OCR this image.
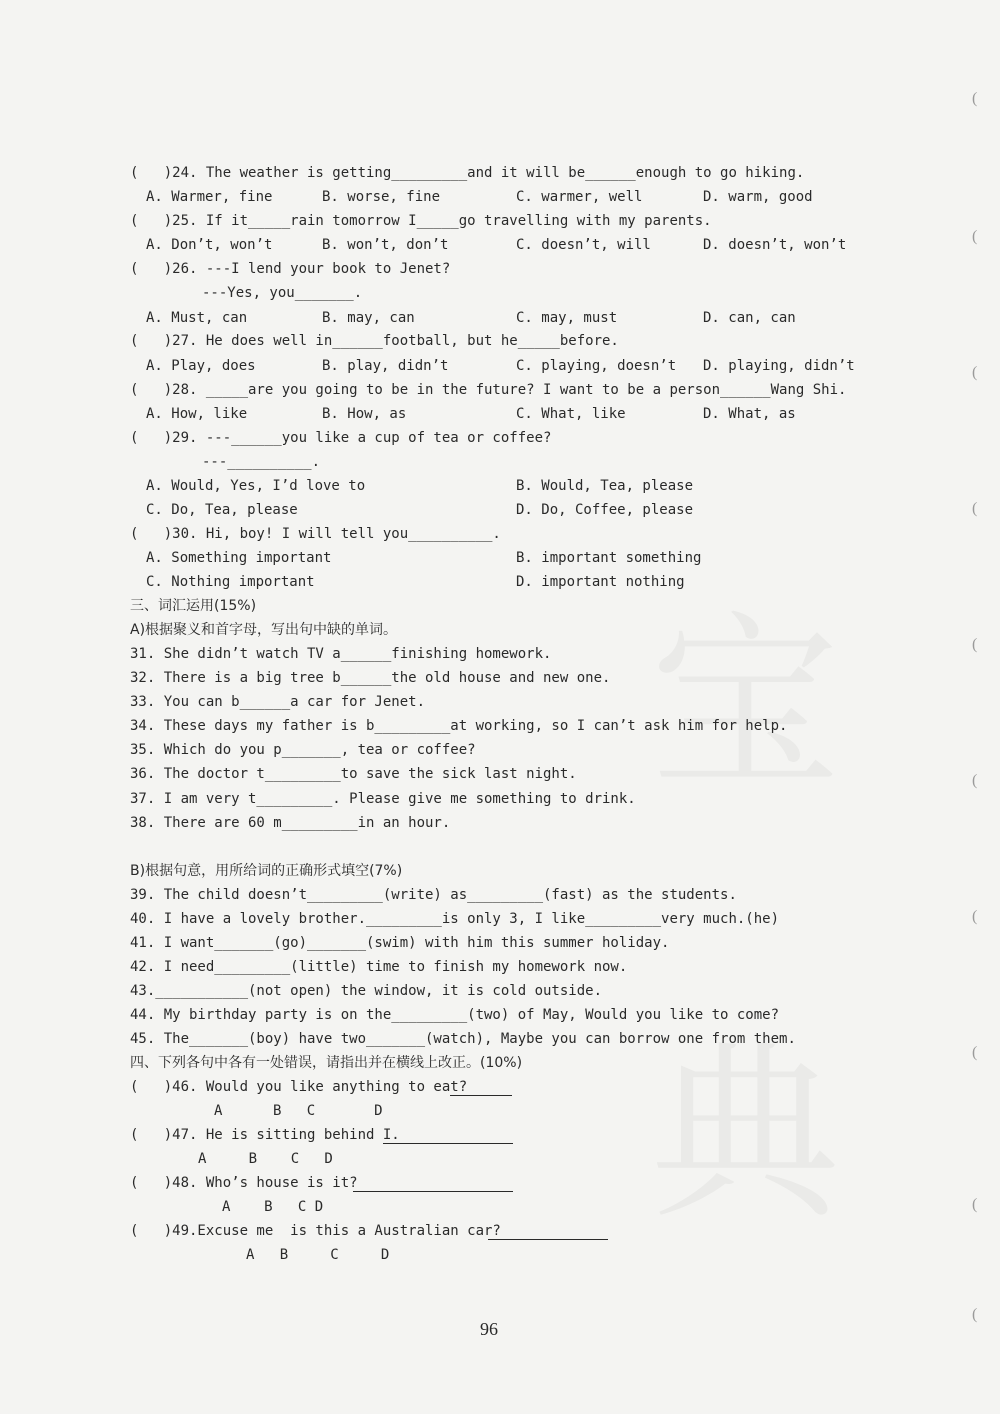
宝
典
(   )24. The weather is getting_________and it will be______enough to go hiking.
A. Warmer, fine	B. worse, fine	C. warmer, well	D. warm, good
(   )25. If it_____rain tomorrow I_____go travelling with my parents.
A. Don’t, won’t	B. won’t, don’t	C. doesn’t, will	D. doesn’t, won’t
(   )26. ---I lend your book to Jenet?
---Yes, you_______.
A. Must, can	B. may, can	C. may, must	D. can, can
(   )27. He does well in______football, but he_____before.
A. Play, does	B. play, didn’t	C. playing, doesn’t D. playing, didn’t
(   )28. _____are you going to be in the future? I want to be a person______Wang Shi.
A. How, like	B. How, as	C. What, like	D. What, as
(   )29. ---______you like a cup of tea or coffee?
---__________.
A. Would, Yes, I’d love to	B. Would, Tea, please
C. Do, Tea, please	D. Do, Coffee, please
(   )30. Hi, boy! I will tell you__________.
A. Something important	B. important something
C. Nothing important	D. important nothing
三、词汇运用(15%)
A)根据聚义和首字母，写出句中缺的单词。
31. She didn’t watch TV a______finishing homework.
32. There is a big tree b______the old house and new one.
33. You can b______a car for Jenet.
34. These days my father is b_________at working, so I can’t ask him for help.
35. Which do you p_______, tea or coffee?
36. The doctor t_________to save the sick last night.
37. I am very t_________. Please give me something to drink.
38. There are 60 m_________in an hour.
B)根据句意，用所给词的正确形式填空(7%)
39. The child doesn’t_________(write) as_________(fast) as the students.
40. I have a lovely brother._________is only 3, I like_________very much.(he)
41. I want_______(go)_______(swim) with him this summer holiday.
42. I need_________(little) time to finish my homework now.
43.___________(not open) the window, it is cold outside.
44. My birthday party is on the_________(two) of May, Would you like to come?
45. The_______(boy) have two_______(watch), Maybe you can borrow one from them.
四、下列各句中各有一处错误，请指出并在横线上改正。(10%)
(   )46. Would you like anything to eat?
A      B   C       D
(   )47. He is sitting behind I.
A     B    C   D
(   )48. Who’s house is it?
A    B   C D
(   )49.Excuse me  is this a Australian car?
A   B     C     D
96
(
(
(
(
(
(
(
(
(
(
